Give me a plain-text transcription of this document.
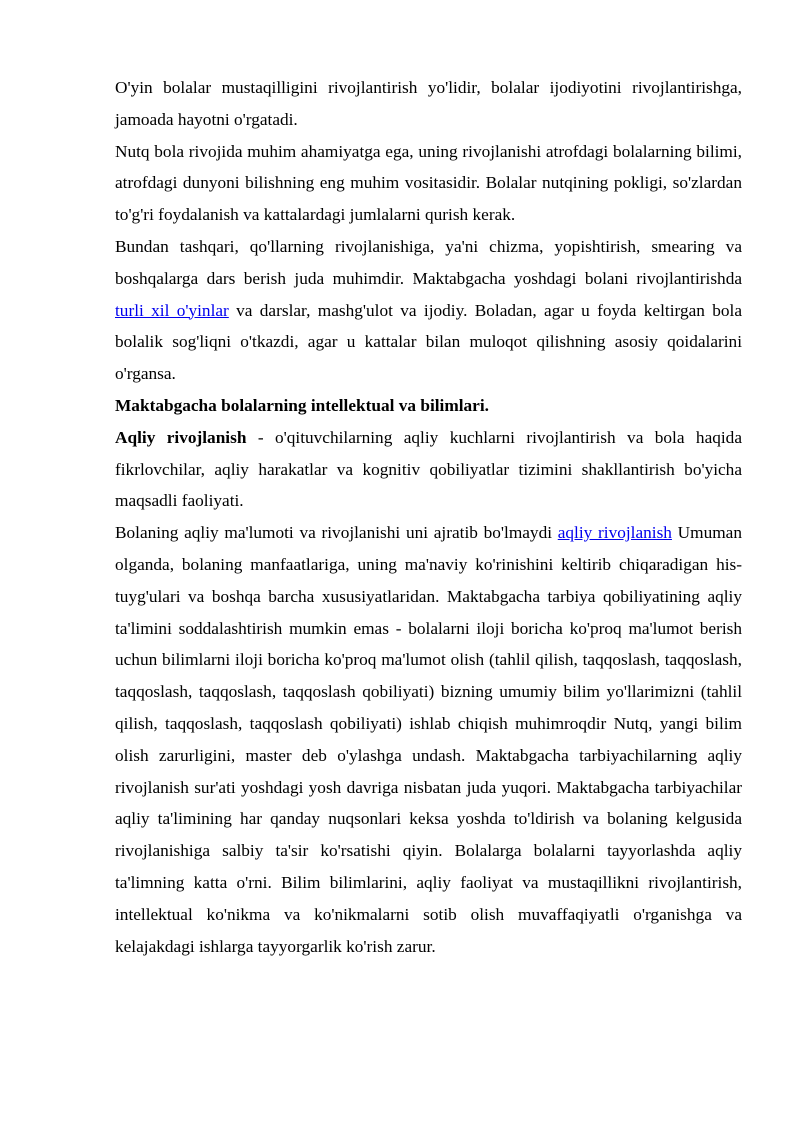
O'yin bolalar mustaqilligini rivojlantirish yo'lidir, bolalar ijodiyotini rivojlantirishga, jamoada hayotni o'rgatadi.

Nutq bola rivojida muhim ahamiyatga ega, uning rivojlanishi atrofdagi bolalarning bilimi, atrofdagi dunyoni bilishning eng muhim vositasidir. Bolalar nutqining pokligi, so'zlardan to'g'ri foydalanish va kattalardagi jumlalarni qurish kerak.

Bundan tashqari, qo'llarning rivojlanishiga, ya'ni chizma, yopishtirish, smearing va boshqalarga dars berish juda muhimdir. Maktabgacha yoshdagi bolani rivojlantirishda turli xil o'yinlar va darslar, mashg'ulot va ijodiy. Boladan, agar u foyda keltirgan bola bolalik sog'liqni o'tkazdi, agar u kattalar bilan muloqot qilishning asosiy qoidalarini o'rgansa.

Maktabgacha bolalarning intellektual va bilimlari.

Aqliy rivojlanish - o'qituvchilarning aqliy kuchlarni rivojlantirish va bola haqida fikrlovchilar, aqliy harakatlar va kognitiv qobiliyatlar tizimini shakllantirish bo'yicha maqsadli faoliyati.

Bolaning aqliy ma'lumoti va rivojlanishi uni ajratib bo'lmaydi aqliy rivojlanish Umuman olganda, bolaning manfaatlariga, uning ma'naviy ko'rinishini keltirib chiqaradigan his-tuyg'ulari va boshqa barcha xususiyatlaridan. Maktabgacha tarbiya qobiliyatining aqliy ta'limini soddalashtirish mumkin emas - bolalarni iloji boricha ko'proq ma'lumot berish uchun bilimlarni iloji boricha ko'proq ma'lumot olish (tahlil qilish, taqqoslash, taqqoslash, taqqoslash, taqqoslash, taqqoslash qobiliyati) bizning umumiy bilim yo'llarimizni (tahlil qilish, taqqoslash, taqqoslash qobiliyati) ishlab chiqish muhimroqdir Nutq, yangi bilim olish zarurligini, master deb o'ylashga undash. Maktabgacha tarbiyachilarning aqliy rivojlanish sur'ati yoshdagi yosh davriga nisbatan juda yuqori. Maktabgacha tarbiyachilar aqliy ta'limining har qanday nuqsonlari keksa yoshda to'ldirish va bolaning kelgusida rivojlanishiga salbiy ta'sir ko'rsatishi qiyin. Bolalarga bolalarni tayyorlashda aqliy ta'limning katta o'rni. Bilim bilimlarini, aqliy faoliyat va mustaqillikni rivojlantirish, intellektual ko'nikma va ko'nikmalarni sotib olish muvaffaqiyatli o'rganishga va kelajakdagi ishlarga tayyorgarlik ko'rish zarur.
